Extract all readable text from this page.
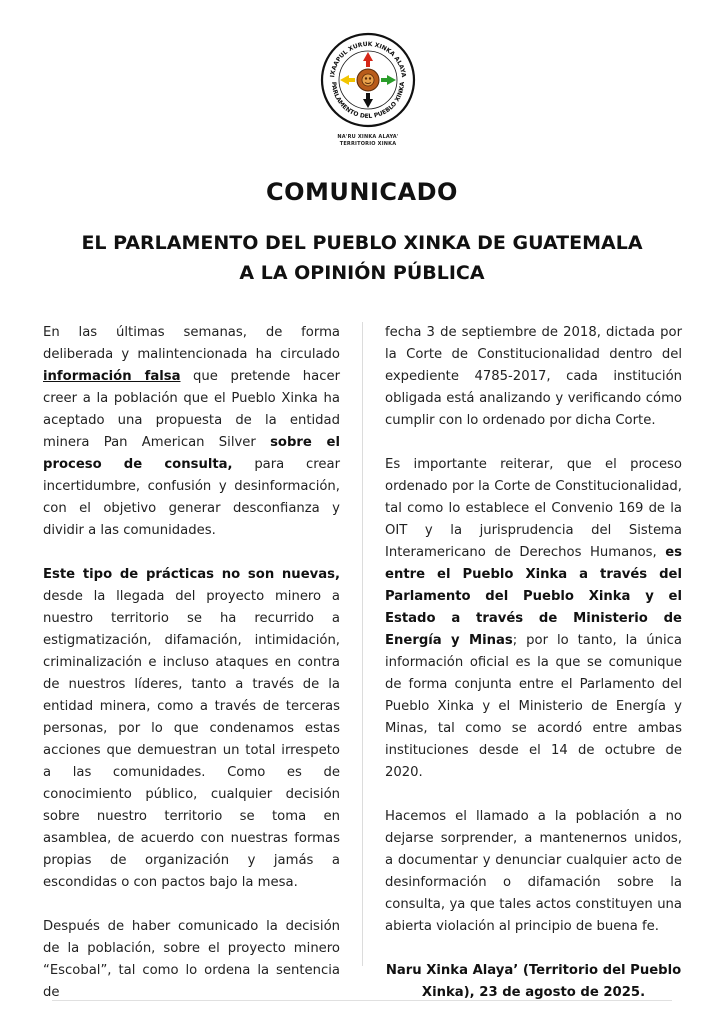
IXAAPUL XURUK XINKA ALAYA
PARLAMENTO DEL PUEBLO XINKA
NA'RU XINKA ALAYA'
TERRITORIO XINKA
COMUNICADO
EL PARLAMENTO DEL PUEBLO XINKA DE GUATEMALA
A LA OPINIÓN PÚBLICA

En las últimas semanas, de forma deliberada y malintencionada ha circulado información falsa que pretende hacer creer a la población que el Pueblo Xinka ha aceptado una propuesta de la entidad minera Pan American Silver sobre el proceso de consulta, para crear incertidumbre, confusión y desinformación, con el objetivo generar desconfianza y dividir a las comunidades.

Este tipo de prácticas no son nuevas, desde la llegada del proyecto minero a nuestro territorio se ha recurrido a estigmatización, difamación, intimidación, criminalización e incluso ataques en contra de nuestros líderes, tanto a través de la entidad minera, como a través de terceras personas, por lo que condenamos estas acciones que demuestran un total irrespeto a las comunidades. Como es de conocimiento público, cualquier decisión sobre nuestro territorio se toma en asamblea, de acuerdo con nuestras formas propias de organización y jamás a escondidas o con pactos bajo la mesa.

Después de haber comunicado la decisión de la población, sobre el proyecto minero “Escobal”, tal como lo ordena la sentencia de

fecha 3 de septiembre de 2018, dictada por la Corte de Constitucionalidad dentro del expediente 4785-2017, cada institución obligada está analizando y verificando cómo cumplir con lo ordenado por dicha Corte.

Es importante reiterar, que el proceso ordenado por la Corte de Constitucionalidad, tal como lo establece el Convenio 169 de la OIT y la jurisprudencia del Sistema Interamericano de Derechos Humanos, es entre el Pueblo Xinka a través del Parlamento del Pueblo Xinka y el Estado a través de Ministerio de Energía y Minas; por lo tanto, la única información oficial es la que se comunique de forma conjunta entre el Parlamento del Pueblo Xinka y el Ministerio de Energía y Minas, tal como se acordó entre ambas instituciones desde el 14 de octubre de 2020.

Hacemos el llamado a la población a no dejarse sorprender, a mantenernos unidos, a documentar y denunciar cualquier acto de desinformación o difamación sobre la consulta, ya que tales actos constituyen una abierta violación al principio de buena fe.

Naru Xinka Alaya’ (Territorio del Pueblo Xinka), 23 de agosto de 2025.
